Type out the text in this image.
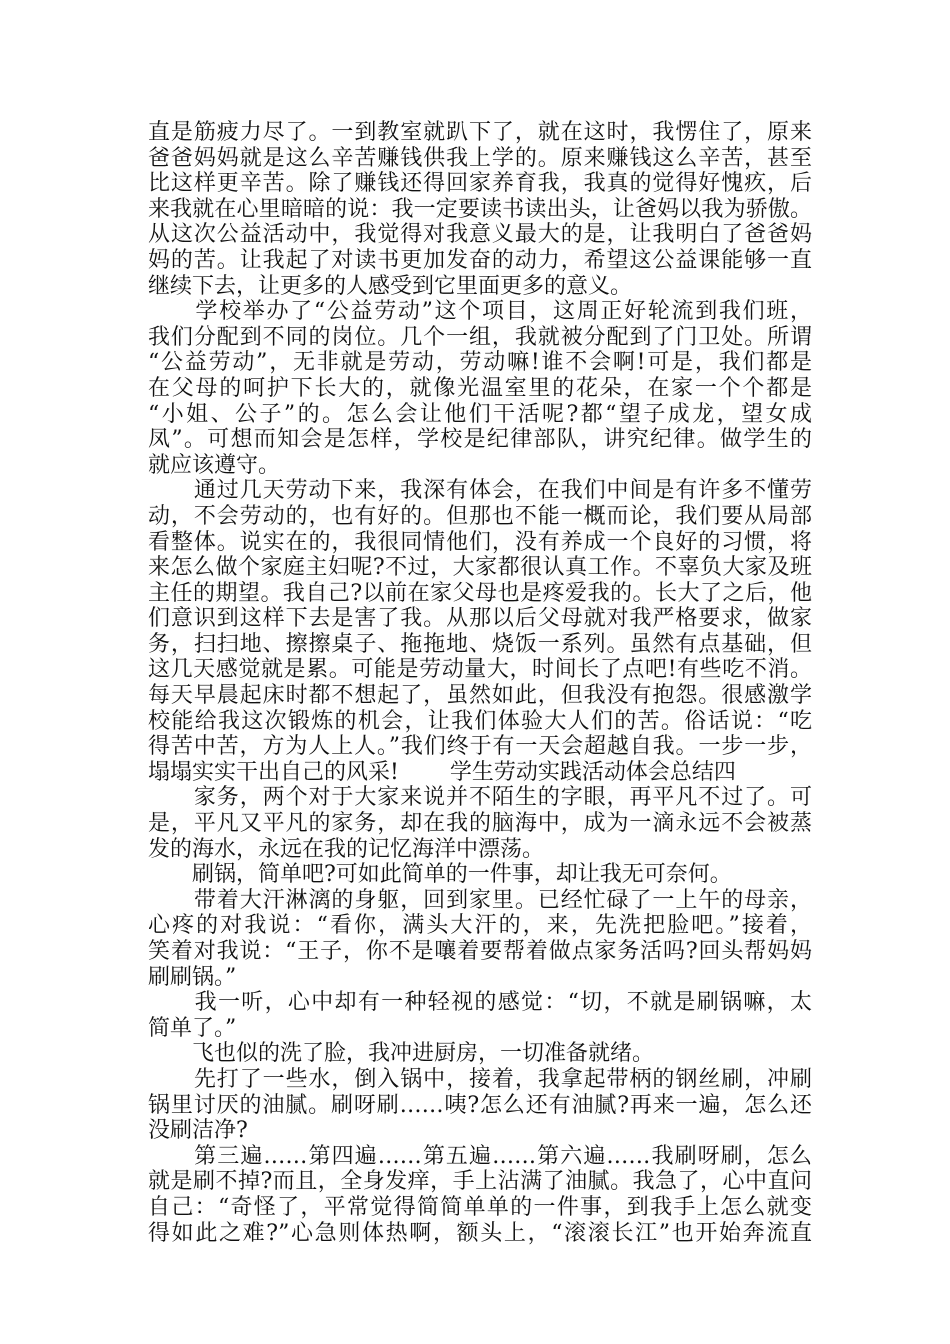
直是筋疲力尽了。一到教室就趴下了，就在这时，我愣住了，原来
爸爸妈妈就是这么辛苦赚钱供我上学的。原来赚钱这么辛苦，甚至
比这样更辛苦。除了赚钱还得回家养育我，我真的觉得好愧疚，后
来我就在心里暗暗的说：我一定要读书读出头，让爸妈以我为骄傲。
从这次公益活动中，我觉得对我意义最大的是，让我明白了爸爸妈
妈的苦。让我起了对读书更加发奋的动力，希望这公益课能够一直
继续下去，让更多的人感受到它里面更多的意义。
　　学校举办了“公益劳动”这个项目，这周正好轮流到我们班，
我们分配到不同的岗位。几个一组，我就被分配到了门卫处。所谓
“公益劳动”，无非就是劳动，劳动嘛!谁不会啊!可是，我们都是
在父母的呵护下长大的，就像光温室里的花朵，在家一个个都是
“小姐、公子”的。怎么会让他们干活呢?都“望子成龙，望女成
凤”。可想而知会是怎样，学校是纪律部队，讲究纪律。做学生的
就应该遵守。
　　通过几天劳动下来，我深有体会，在我们中间是有许多不懂劳
动，不会劳动的，也有好的。但那也不能一概而论，我们要从局部
看整体。说实在的，我很同情他们，没有养成一个良好的习惯，将
来怎么做个家庭主妇呢?不过，大家都很认真工作。不辜负大家及班
主任的期望。我自己?以前在家父母也是疼爱我的。长大了之后，他
们意识到这样下去是害了我。从那以后父母就对我严格要求，做家
务，扫扫地、擦擦桌子、拖拖地、烧饭一系列。虽然有点基础，但
这几天感觉就是累。可能是劳动量大，时间长了点吧!有些吃不消。
每天早晨起床时都不想起了，虽然如此，但我没有抱怨。很感激学
校能给我这次锻炼的机会，让我们体验大人们的苦。俗话说：“吃
得苦中苦，方为人上人。”我们终于有一天会超越自我。一步一步，
塌塌实实干出自己的风采!　　 学生劳动实践活动体会总结四
　　家务，两个对于大家来说并不陌生的字眼，再平凡不过了。可
是，平凡又平凡的家务，却在我的脑海中，成为一滴永远不会被蒸
发的海水，永远在我的记忆海洋中漂荡。
　　刷锅，简单吧?可如此简单的一件事，却让我无可奈何。
　　带着大汗淋漓的身躯，回到家里。已经忙碌了一上午的母亲，
心疼的对我说：“看你，满头大汗的，来，先洗把脸吧。”接着，
笑着对我说：“王子，你不是嚷着要帮着做点家务活吗?回头帮妈妈
刷刷锅。”
　　我一听，心中却有一种轻视的感觉：“切，不就是刷锅嘛，太
简单了。”
　　飞也似的洗了脸，我冲进厨房，一切准备就绪。
　　先打了一些水，倒入锅中，接着，我拿起带柄的钢丝刷，冲刷
锅里讨厌的油腻。刷呀刷……咦?怎么还有油腻?再来一遍，怎么还
没刷洁净?
　　第三遍……第四遍……第五遍……第六遍……我刷呀刷，怎么
就是刷不掉?而且，全身发痒，手上沾满了油腻。我急了，心中直问
自己：“奇怪了，平常觉得简简单单的一件事，到我手上怎么就变
得如此之难?”心急则体热啊，额头上，“滚滚长江”也开始奔流直
